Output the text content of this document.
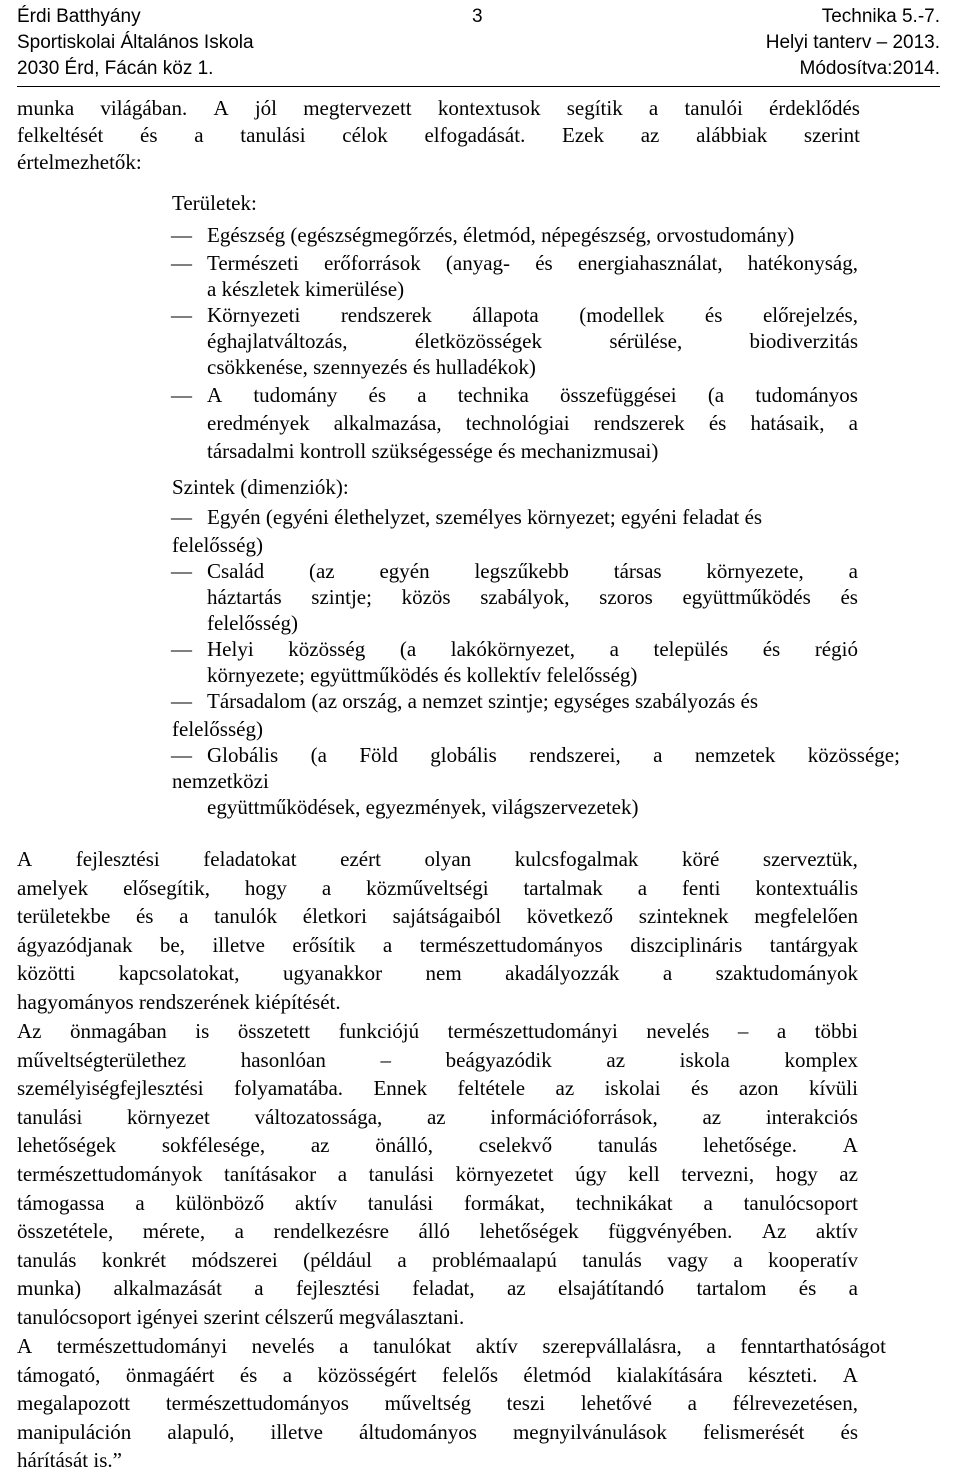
Érdi Batthyány
Sportiskolai Általános Iskola
2030 Érd, Fácán köz 1.
3	Technika 5.-7.
Helyi tanterv – 2013.
Módosítva:2014.
munka világában. A jól megtervezett kontextusok segítik a tanulói érdeklődés
felkeltését és a tanulási célok elfogadását. Ezek az alábbiak szerint
értelmezhetők:
Területek:
— Egészség (egészségmegőrzés, életmód, népegészség, orvostudomány)
— Természeti erőforrások (anyag- és energiahasználat, hatékonyság,
a készletek kimerülése)
— Környezeti rendszerek állapota (modellek és előrejelzés,
éghajlatváltozás,	életközösségek	sérülése,	biodiverzitás
csökkenése, szennyezés és hulladékok)
— A tudomány és a technika összefüggései (a tudományos
eredmények alkalmazása, technológiai rendszerek és hatásaik, a
társadalmi kontroll szükségessége és mechanizmusai)
Szintek (dimenziók):
— Egyén (egyéni élethelyzet, személyes környezet; egyéni feladat és
felelősség)
— Család (az egyén legszűkebb társas környezete, a
háztartás szintje; közös szabályok, szoros együttműködés és
felelősség)
— Helyi közösség (a lakókörnyezet, a település és régió
környezete; együttműködés és kollektív felelősség)
— Társadalom (az ország, a nemzet szintje; egységes szabályozás és
felelősség)
— Globális (a Föld globális rendszerei, a nemzetek közössége;
nemzetközi
együttműködések, egyezmények, világszervezetek)
A fejlesztési feladatokat ezért olyan kulcsfogalmak köré szerveztük,
amelyek elősegítik, hogy a közműveltségi tartalmak a fenti kontextuális
területekbe és a tanulók életkori sajátságaiból következő szinteknek megfelelően
ágyazódjanak be, illetve erősítik a természettudományos diszciplináris tantárgyak
közötti kapcsolatokat, ugyanakkor nem akadályozzák a szaktudományok
hagyományos rendszerének kiépítését.
Az önmagában is összetett funkciójú természettudományi nevelés – a többi
műveltségterülethez	hasonlóan	–	beágyazódik	az	iskola	komplex
személyiségfejlesztési folyamatába. Ennek feltétele az iskolai és azon kívüli
tanulási környezet változatossága, az információforrások, az interakciós
lehetőségek sokfélesége, az önálló, cselekvő tanulás lehetősége. A
természettudományok tanításakor a tanulási környezetet úgy kell tervezni, hogy az
támogassa a különböző aktív tanulási formákat, technikákat a tanulócsoport
összetétele, mérete, a rendelkezésre álló lehetőségek függvényében. Az aktív
tanulás konkrét módszerei (például a problémaalapú tanulás vagy a kooperatív
munka) alkalmazását a fejlesztési feladat, az elsajátítandó tartalom és a
tanulócsoport igényei szerint célszerű megválasztani.
A természettudományi nevelés a tanulókat aktív szerepvállalásra, a fenntarthatóságot
támogató, önmagáért és a közösségért felelős életmód kialakítására készteti. A
megalapozott természettudományos műveltség teszi lehetővé a félrevezetésen,
manipuláción alapuló, illetve áltudományos megnyilvánulások felismerését és
hárítását is.”
